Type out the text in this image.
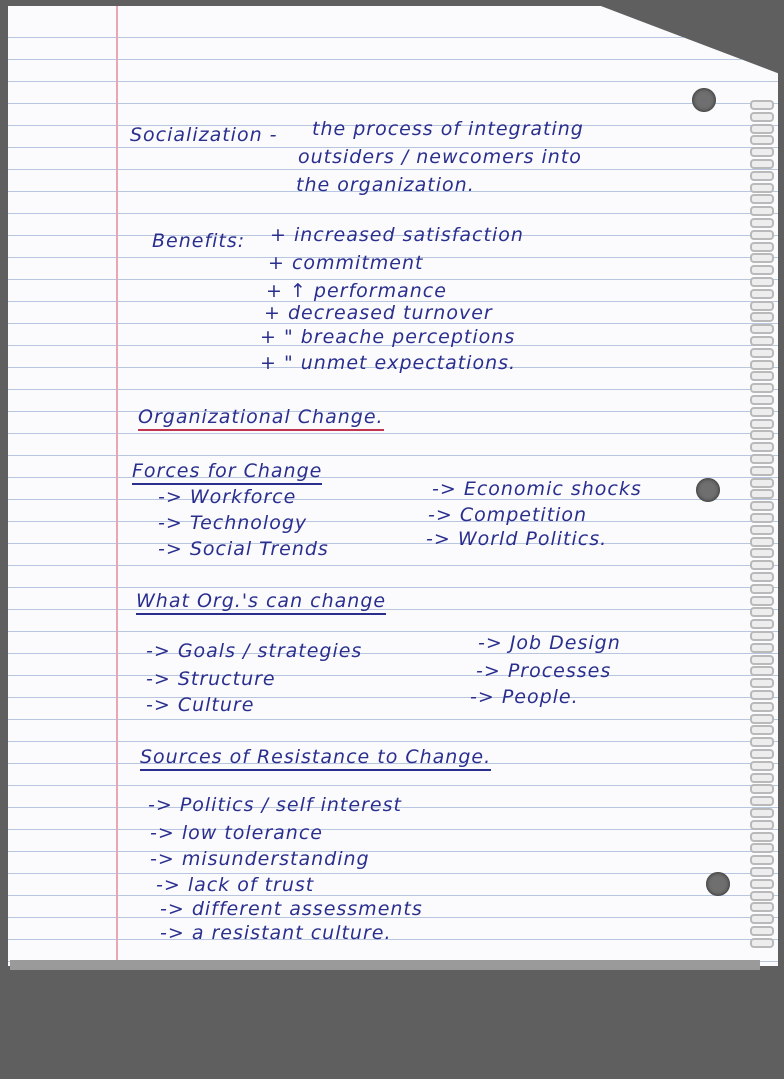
Socialization - the process of integrating
outsiders / newcomers into
the organization.
Benefits: + increased satisfaction
+ commitment
+ ↑ performance
+ decreased turnover
+ " breache perceptions
+ " unmet expectations.
Organizational Change.
Forces for Change
-> Workforce
-> Technology
-> Social Trends
-> Economic shocks
-> Competition
-> World Politics.
What Org.'s can change
-> Goals / strategies
-> Structure
-> Culture
-> Job Design
-> Processes
-> People.
Sources of Resistance to Change.
-> Politics / self interest
-> low tolerance
-> misunderstanding
-> lack of trust
-> different assessments
-> a resistant culture.
